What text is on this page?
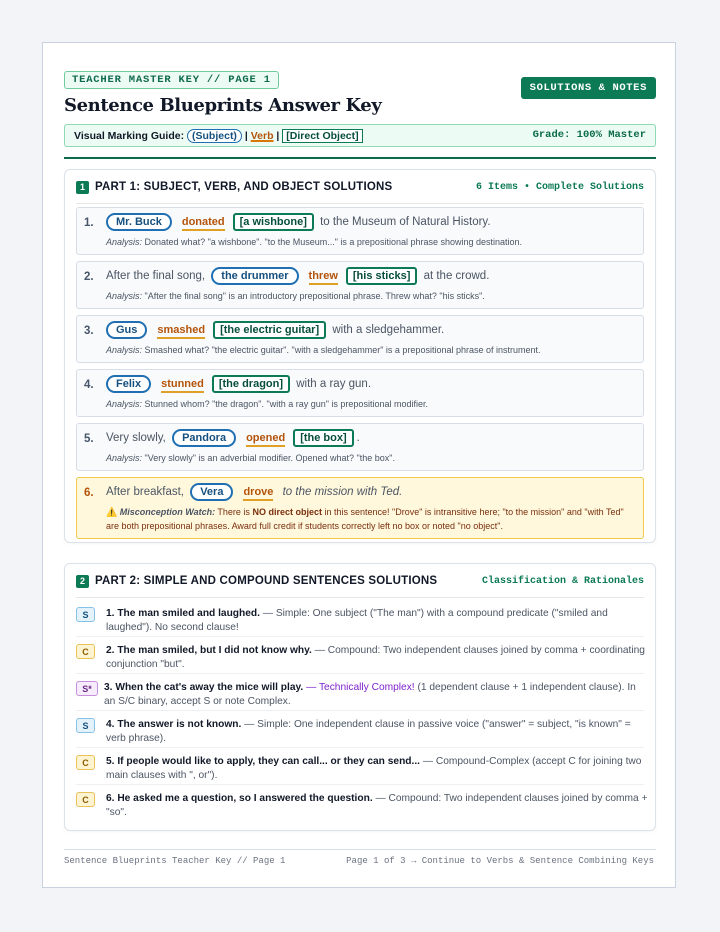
TEACHER MASTER KEY // PAGE 1
Sentence Blueprints Answer Key
SOLUTIONS & NOTES
Visual Marking Guide: (Subject) | Verb | [Direct Object]	Grade: 100% Master
1 PART 1: SUBJECT, VERB, AND OBJECT SOLUTIONS	6 Items • Complete Solutions
1.	Mr. Buck donated [a wishbone] to the Museum of Natural History.
Analysis: Donated what? "a wishbone". "to the Museum..." is a prepositional phrase showing destination.
2. After the final song, the drummer threw [his sticks] at the crowd.
Analysis: "After the final song" is an introductory prepositional phrase. Threw what? "his sticks".
3.	Gus smashed [the electric guitar] with a sledgehammer.
Analysis: Smashed what? "the electric guitar". "with a sledgehammer" is a prepositional phrase of instrument.
4.	Felix stunned [the dragon] with a ray gun.
Analysis: Stunned whom? "the dragon". "with a ray gun" is prepositional modifier.
5. Very slowly, Pandora opened [the box] .
Analysis: "Very slowly" is an adverbial modifier. Opened what? "the box".
6. After breakfast, Vera drove to the mission with Ted.
⚠️ Misconception Watch: There is NO direct object in this sentence! "Drove" is intransitive here; "to the mission" and "with Ted" are both prepositional phrases. Award full credit if students correctly left no box or noted "no object".
2 PART 2: SIMPLE AND COMPOUND SENTENCES SOLUTIONS	Classification & Rationales
S	1. The man smiled and laughed. — Simple: One subject ("The man") with a compound predicate ("smiled and laughed"). No second clause!
C	2. The man smiled, but I did not know why. — Compound: Two independent clauses joined by comma + coordinating conjunction "but".
S*	3. When the cat's away the mice will play. — Technically Complex! (1 dependent clause + 1 independent clause). In an S/C binary, accept S or note Complex.
S	4. The answer is not known. — Simple: One independent clause in passive voice ("answer" = subject, "is known" = verb phrase).
C	5. If people would like to apply, they can call... or they can send... — Compound-Complex (accept C for joining two main clauses with ", or").
C	6. He asked me a question, so I answered the question. — Compound: Two independent clauses joined by comma + "so".
Sentence Blueprints Teacher Key // Page 1	Page 1 of 3 → Continue to Verbs & Sentence Combining Keys
